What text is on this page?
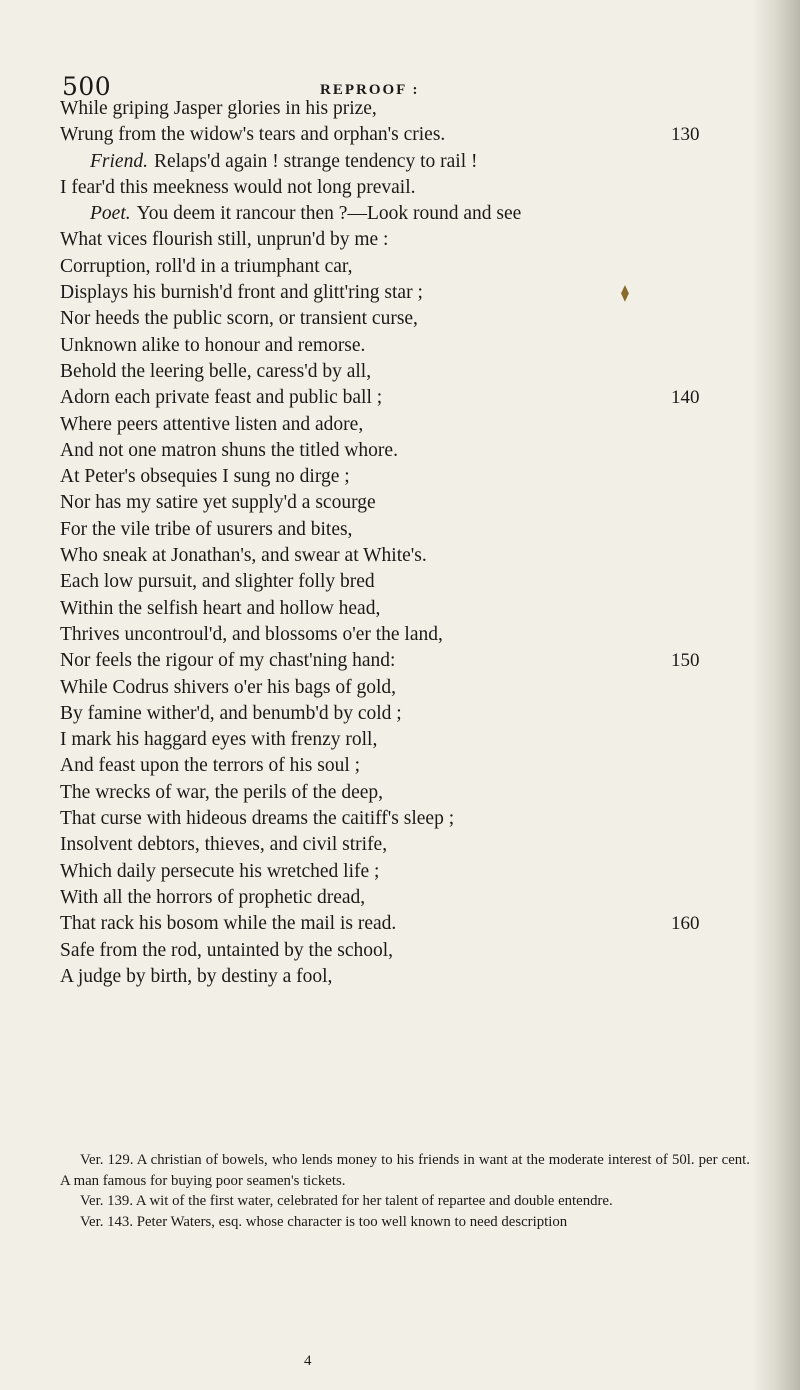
500	REPROOF :
While griping Jasper glories in his prize,
Wrung from the widow's tears and orphan's cries.	130
Friend. Relaps'd again ! strange tendency to rail !
I fear'd this meekness would not long prevail.
Poet. You deem it rancour then ?—Look round and see
What vices flourish still, unprun'd by me :
Corruption, roll'd in a triumphant car,
Displays his burnish'd front and glitt'ring star ;
Nor heeds the public scorn, or transient curse,
Unknown alike to honour and remorse.
Behold the leering belle, caress'd by all,
Adorn each private feast and public ball ;	140
Where peers attentive listen and adore,
And not one matron shuns the titled whore.
At Peter's obsequies I sung no dirge ;
Nor has my satire yet supply'd a scourge
For the vile tribe of usurers and bites,
Who sneak at Jonathan's, and swear at White's.
Each low pursuit, and slighter folly bred
Within the selfish heart and hollow head,
Thrives uncontroul'd, and blossoms o'er the land,
Nor feels the rigour of my chast'ning hand:	150
While Codrus shivers o'er his bags of gold,
By famine wither'd, and benumb'd by cold ;
I mark his haggard eyes with frenzy roll,
And feast upon the terrors of his soul ;
The wrecks of war, the perils of the deep,
That curse with hideous dreams the caitiff's sleep ;
Insolvent debtors, thieves, and civil strife,
Which daily persecute his wretched life ;
With all the horrors of prophetic dread,
That rack his bosom while the mail is read.	160
Safe from the rod, untainted by the school,
A judge by birth, by destiny a fool,
⧫

Ver. 129. A christian of bowels, who lends money to his friends in want at the moderate interest of 50l. per cent. A man famous for buying poor seamen's tickets.

Ver. 139. A wit of the first water, celebrated for her talent of repartee and double entendre.

Ver. 143. Peter Waters, esq. whose character is too well known to need description

4
